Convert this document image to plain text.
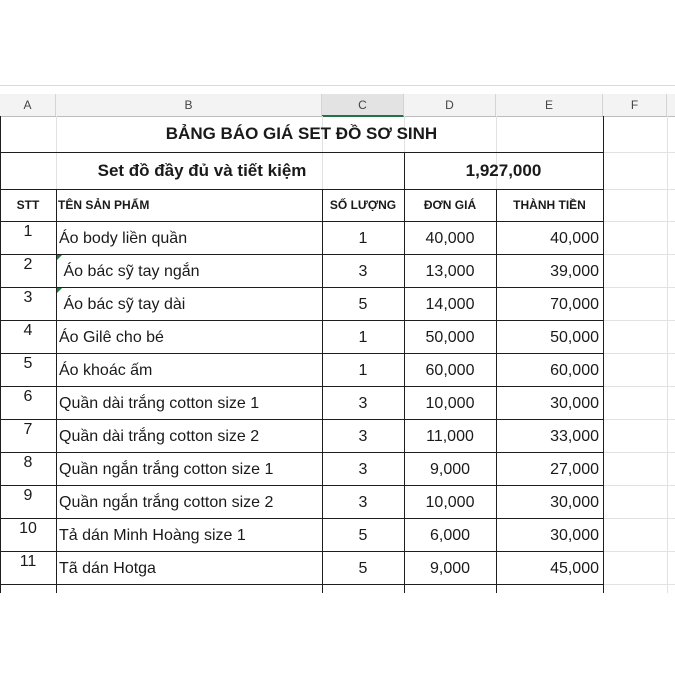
A	B	C	D	E	F
BẢNG BÁO GIÁ SET ĐỒ SƠ SINH
Set đồ đầy đủ và tiết kiệm	1,927,000
STT	TÊN SẢN PHẨM	SỐ LƯỢNG	ĐƠN GIÁ	THÀNH TIỀN
1	Áo body liền quần	1	40,000	40,000
2	Áo bác sỹ tay ngắn	3	13,000	39,000
3	Áo bác sỹ tay dài	5	14,000	70,000
4	Áo Gilê cho bé	1	50,000	50,000
5	Áo khoác ấm	1	60,000	60,000
6	Quần dài trắng cotton size 1	3	10,000	30,000
7	Quần dài trắng cotton size 2	3	11,000	33,000
8	Quần ngắn trắng cotton size 1	3	9,000	27,000
9	Quần ngắn trắng cotton size 2	3	10,000	30,000
10	Tả dán Minh Hoàng size 1	5	6,000	30,000
11	Tã dán Hotga	5	9,000	45,000
